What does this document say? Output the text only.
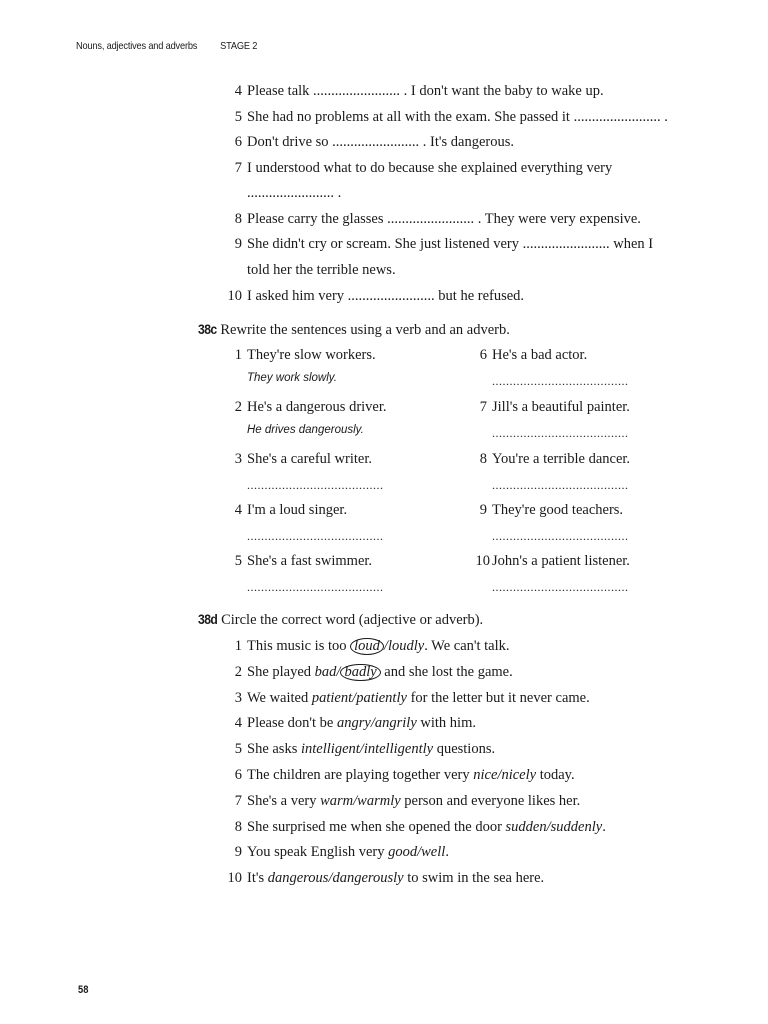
Nouns, adjectives and adverbs STAGE 2
4 Please talk ........................ . I don't want the baby to wake up.
5 She had no problems at all with the exam. She passed it ........................ .
6 Don't drive so ........................ . It's dangerous.
7 I understood what to do because she explained everything very
........................ .
8 Please carry the glasses ........................ . They were very expensive.
9 She didn't cry or scream. She just listened very ........................ when I
told her the terrible news.
10 I asked him very ........................ but he refused.
38c Rewrite the sentences using a verb and an adverb.
1 They're slow workers.
They work slowly.
2 He's a dangerous driver.
He drives dangerously.
3 She's a careful writer.
.......................................
4 I'm a loud singer.
.......................................
5 She's a fast swimmer.
.......................................
6 He's a bad actor.
.......................................
7 Jill's a beautiful painter.
.......................................
8 You're a terrible dancer.
.......................................
9 They're good teachers.
.......................................
10 John's a patient listener.
.......................................
38d Circle the correct word (adjective or adverb).
1 This music is too loud /loudly. We can't talk.
2 She played bad/ badly and she lost the game.
3 We waited patient/patiently for the letter but it never came.
4 Please don't be angry/angrily with him.
5 She asks intelligent/intelligently questions.
6 The children are playing together very nice/nicely today.
7 She's a very warm/warmly person and everyone likes her.
8 She surprised me when she opened the door sudden/suddenly.
9 You speak English very good/well.
10 It's dangerous/dangerously to swim in the sea here.
58
